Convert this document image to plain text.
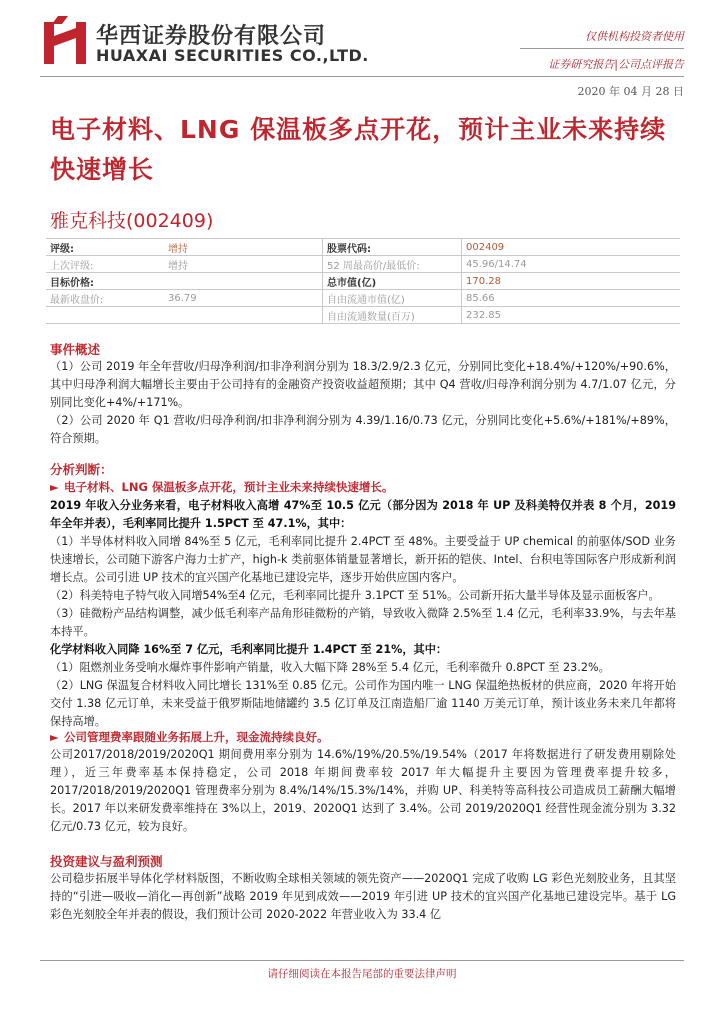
华西证券股份有限公司
HUAXAI SECURITIES CO.,LTD.
仅供机构投资者使用
证券研究报告|公司点评报告
2020 年 04 月 28 日
电子材料、LNG 保温板多点开花，预计主业未来持续快速增长
雅克科技(002409)
评级:	增持	股票代码:	002409
上次评级:	增持	52 周最高价/最低价:	45.96/14.74
目标价格:		总市值(亿)	170.28
最新收盘价:	36.79	自由流通市值(亿)	85.66
		自由流通数量(百万)	232.85
事件概述

（1）公司 2019 年全年营收/归母净利润/扣非净利润分别为 18.3/2.9/2.3 亿元，分别同比变化+18.4%/+120%/+90.6%，其中归母净利润大幅增长主要由于公司持有的金融资产投资收益超预期；其中 Q4 营收/归母净利润分别为 4.7/1.07 亿元，分别同比变化+4%/+171%。

（2）公司 2020 年 Q1 营收/归母净利润/扣非净利润分别为 4.39/1.16/0.73 亿元，分别同比变化+5.6%/+181%/+89%，符合预期。

分析判断：
► 电子材料、LNG 保温板多点开花，预计主业未来持续快速增长。

2019 年收入分业务来看，电子材料收入高增 47%至 10.5 亿元（部分因为 2018 年 UP 及科美特仅并表 8 个月，2019 年全年并表），毛利率同比提升 1.5PCT 至 47.1%，其中：

（1）半导体材料收入同增 84%至 5 亿元，毛利率同比提升 2.4PCT 至 48%。主要受益于 UP chemical 的前驱体/SOD 业务快速增长，公司随下游客户海力士扩产，high-k 类前驱体销量显著增长，新开拓的铠侠、Intel、台积电等国际客户形成新利润增长点。公司引进 UP 技术的宜兴国产化基地已建设完毕，逐步开始供应国内客户。

（2）科美特电子特气收入同增54%至4 亿元，毛利率同比提升 3.1PCT 至 51%。公司新开拓大量半导体及显示面板客户。

（3）硅微粉产品结构调整，减少低毛利率产品角形硅微粉的产销，导致收入微降 2.5%至 1.4 亿元，毛利率33.9%，与去年基本持平。

化学材料收入同降 16%至 7 亿元，毛利率同比提升 1.4PCT 至 21%，其中：

（1）阻燃剂业务受响水爆炸事件影响产销量，收入大幅下降 28%至 5.4 亿元，毛利率微升 0.8PCT 至 23.2%。

（2）LNG 保温复合材料收入同比增长 131%至 0.85 亿元。公司作为国内唯一 LNG 保温绝热板材的供应商，2020 年将开始交付 1.38 亿元订单，未来受益于俄罗斯陆地储罐约 3.5 亿订单及江南造船厂逾 1140 万美元订单，预计该业务未来几年都将保持高增。

► 公司管理费率跟随业务拓展上升，现金流持续良好。

公司2017/2018/2019/2020Q1 期间费用率分别为 14.6%/19%/20.5%/19.54%（2017 年将数据进行了研发费用剔除处理），近三年费率基本保持稳定，公司 2018 年期间费率较 2017 年大幅提升主要因为管理费率提升较多，2017/2018/2019/2020Q1 管理费率分别为 8.4%/14%/15.3%/14%，并购 UP、科美特等高科技公司造成员工薪酬大幅增长。2017 年以来研发费率维持在 3%以上，2019、2020Q1 达到了 3.4%。公司 2019/2020Q1 经营性现金流分别为 3.32 亿元/0.73 亿元，较为良好。

投资建议与盈利预测

公司稳步拓展半导体化学材料版图，不断收购全球相关领域的领先资产——2020Q1 完成了收购 LG 彩色光刻胶业务，且其坚持的“引进—吸收—消化—再创新”战略 2019 年见到成效——2019 年引进 UP 技术的宜兴国产化基地已建设完毕。基于 LG 彩色光刻胶全年并表的假设，我们预计公司 2020-2022 年营业收入为 33.4 亿

请仔细阅读在本报告尾部的重要法律声明
